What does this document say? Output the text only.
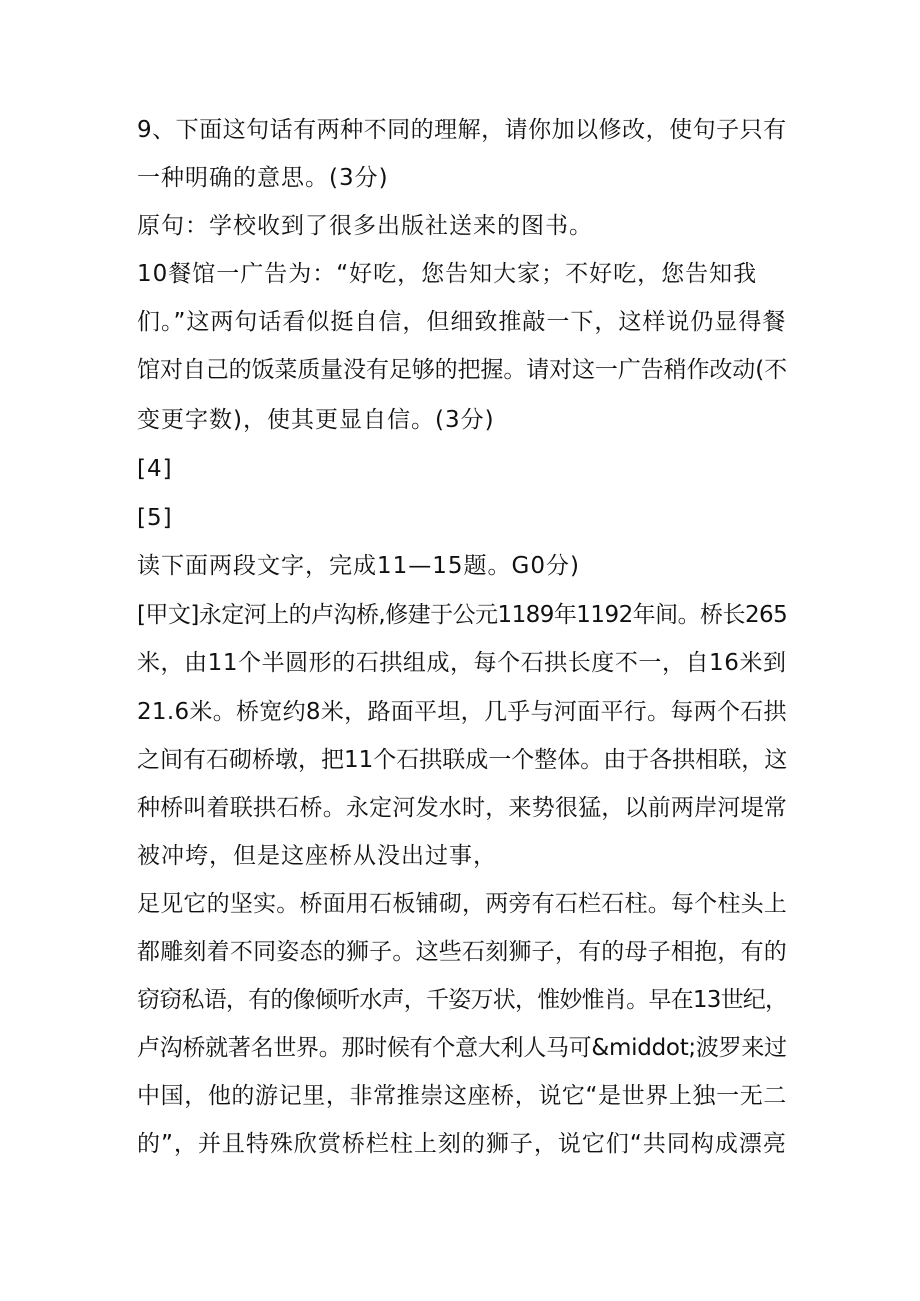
9、下面这句话有两种不同的理解，请你加以修改，使句子只有
一种明确的意思。(3分)
原句：学校收到了很多出版社送来的图书。
10餐馆一广告为：“好吃，您告知大家；不好吃，您告知我
们。”这两句话看似挺自信，但细致推敲一下，这样说仍显得餐
馆对自己的饭菜质量没有足够的把握。请对这一广告稍作改动(不
变更字数)，使其更显自信。(3分)
[4]
[5]
读下面两段文字，完成11—15题。G0分)
[甲文]永定河上的卢沟桥,修建于公元1189年1192年间。桥长265
米，由11个半圆形的石拱组成，每个石拱长度不一，自16米到
21.6米。桥宽约8米，路面平坦，几乎与河面平行。每两个石拱
之间有石砌桥墩，把11个石拱联成一个整体。由于各拱相联，这
种桥叫着联拱石桥。永定河发水时，来势很猛，以前两岸河堤常
被冲垮，但是这座桥从没出过事，
足见它的坚实。桥面用石板铺砌，两旁有石栏石柱。每个柱头上
都雕刻着不同姿态的狮子。这些石刻狮子，有的母子相抱，有的
窃窃私语，有的像倾听水声，千姿万状，惟妙惟肖。早在13世纪，
卢沟桥就著名世界。那时候有个意大利人马可&middot;波罗来过
中国，他的游记里，非常推崇这座桥，说它“是世界上独一无二
的”，并且特殊欣赏桥栏柱上刻的狮子，说它们“共同构成漂亮
